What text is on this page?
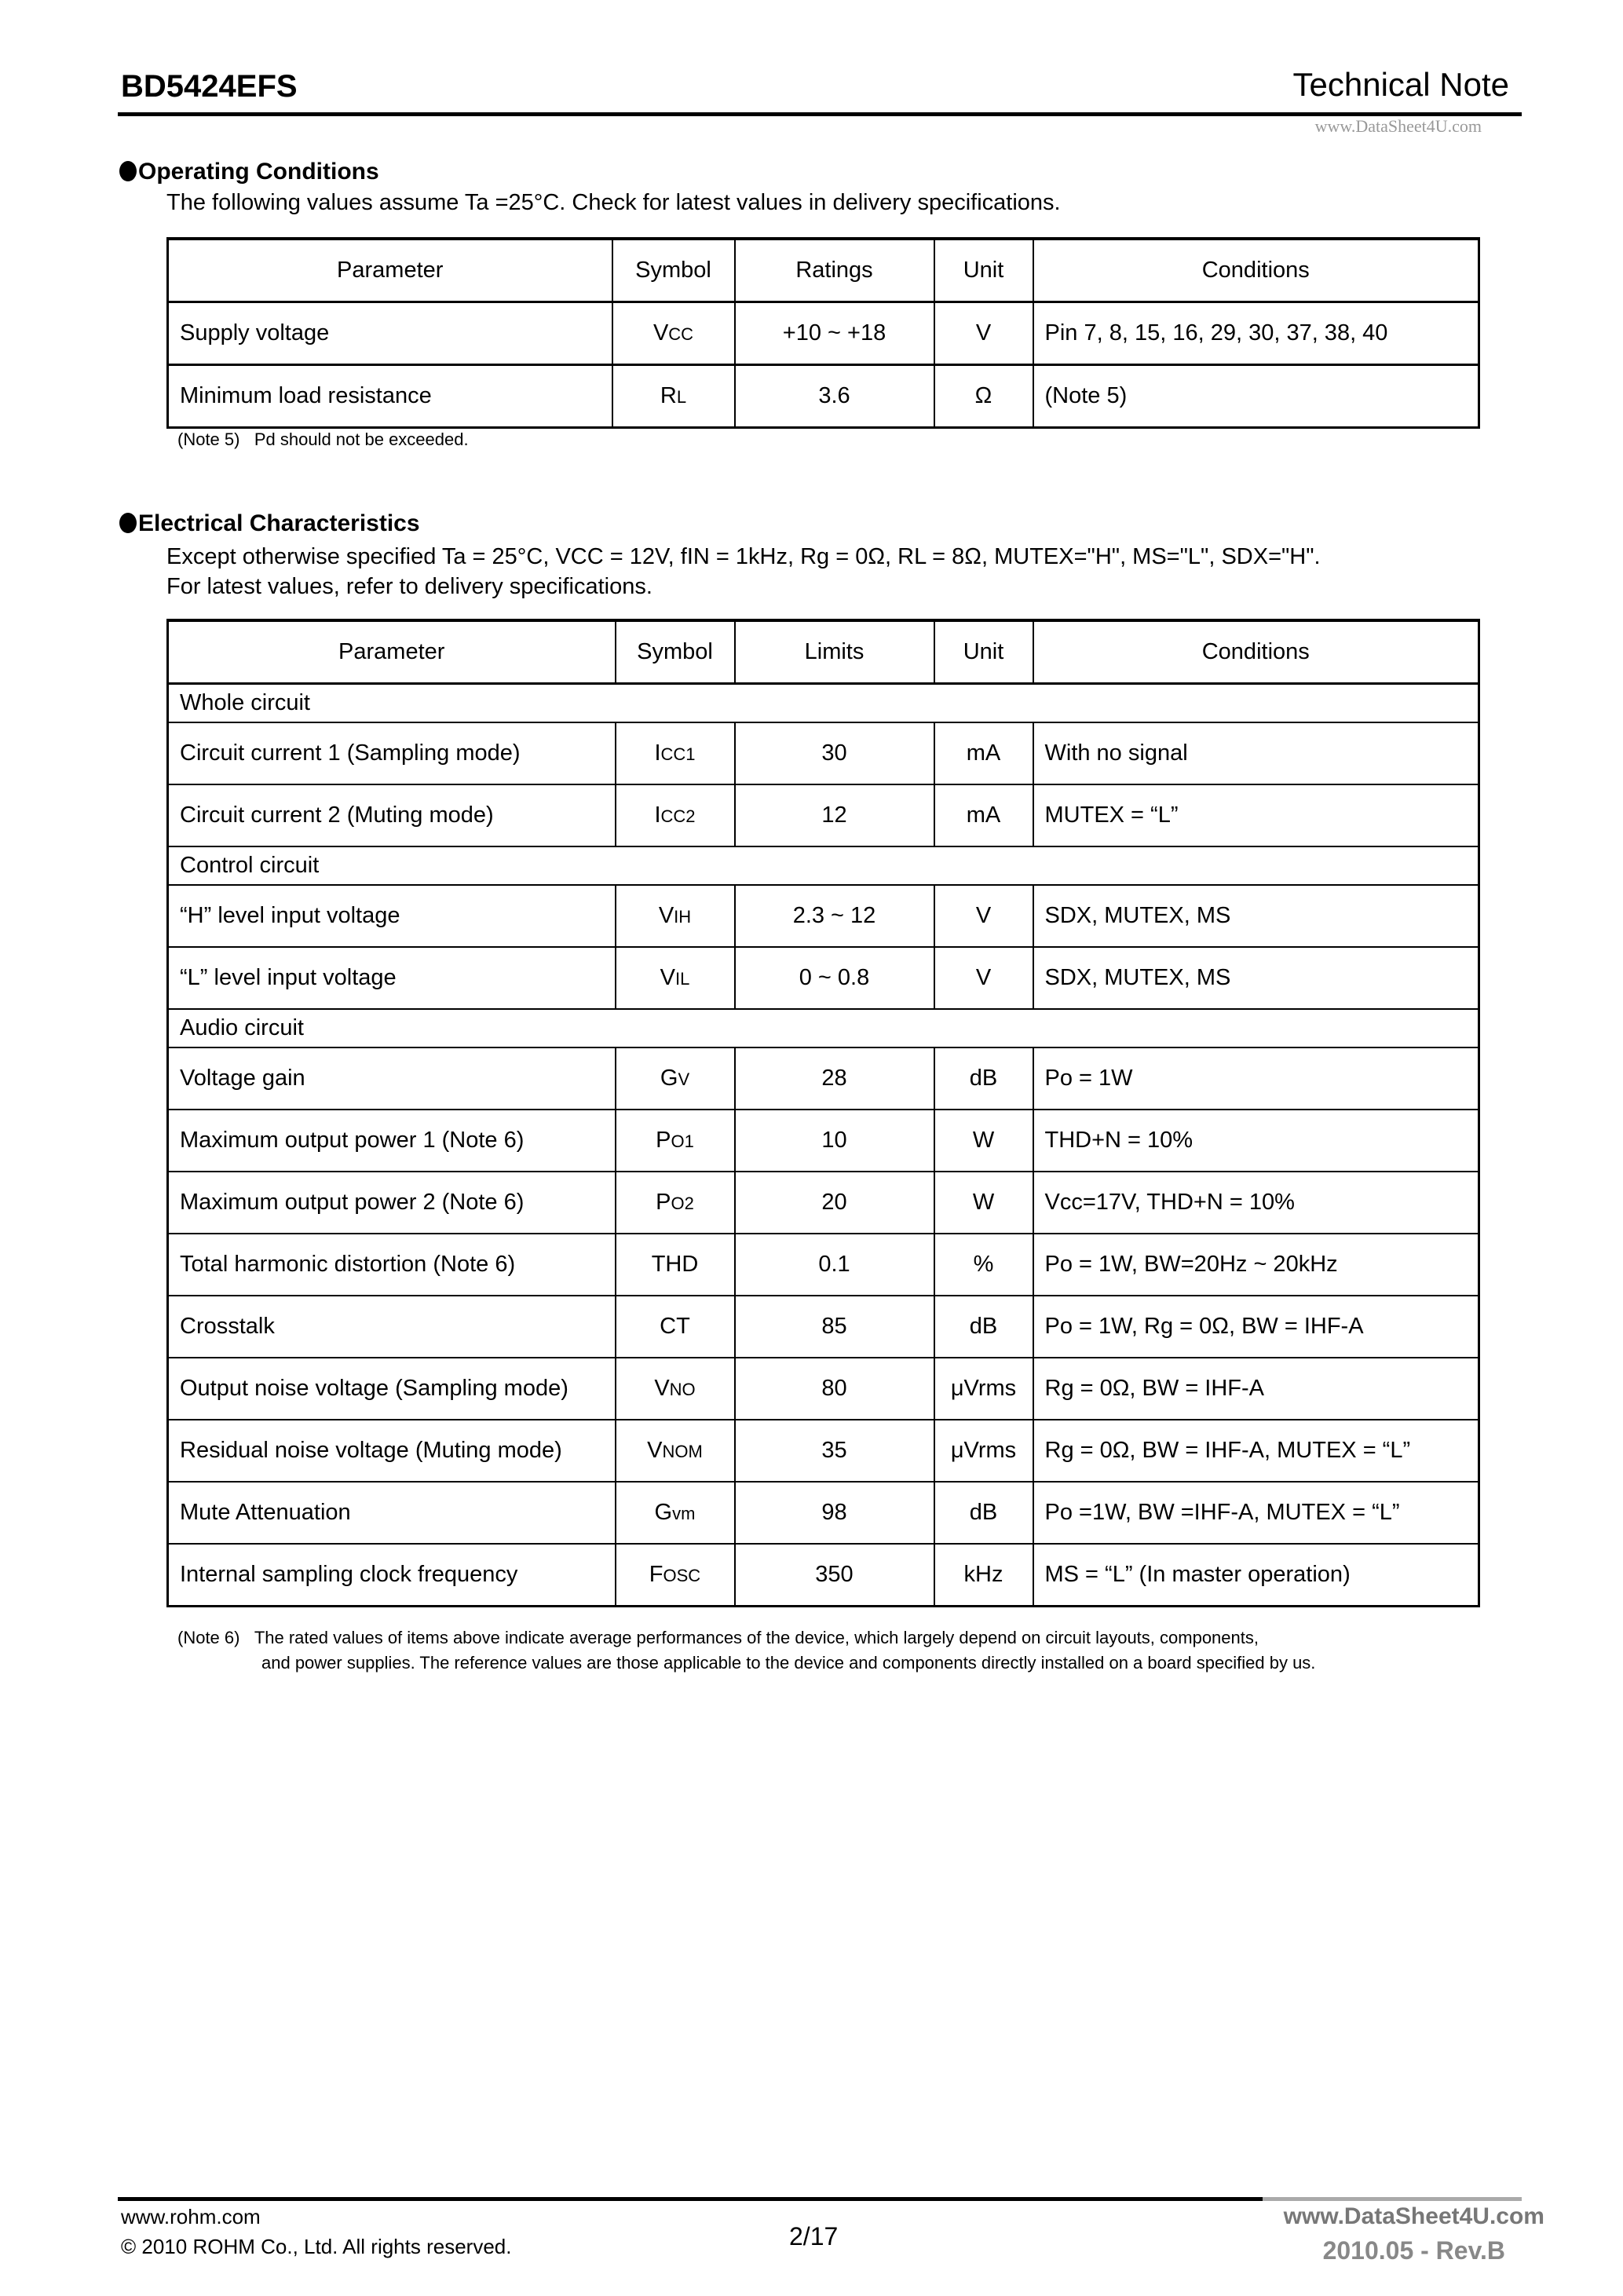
BD5424EFS	Technical Note
www.DataSheet4U.com
Operating Conditions
The following values assume Ta =25°C. Check for latest values in delivery specifications.
Parameter	Symbol	Ratings	Unit	Conditions
Supply voltage	VCC	+10 ~ +18	V	Pin 7, 8, 15, 16, 29, 30, 37, 38, 40
Minimum load resistance	RL	3.6	Ω	(Note 5)
(Note 5) Pd should not be exceeded.
Electrical Characteristics
Except otherwise specified Ta = 25°C, VCC = 12V, fIN = 1kHz, Rg = 0Ω, RL = 8Ω, MUTEX="H", MS="L", SDX="H".
For latest values, refer to delivery specifications.
Parameter	Symbol	Limits	Unit	Conditions
Whole circuit				
Circuit current 1 (Sampling mode)	ICC1	30	mA	With no signal
Circuit current 2 (Muting mode)	ICC2	12	mA	MUTEX = “L”
Control circuit				
“H” level input voltage	VIH	2.3 ~ 12	V	SDX, MUTEX, MS
“L” level input voltage	VIL	0 ~ 0.8	V	SDX, MUTEX, MS
Audio circuit				
Voltage gain	GV	28	dB	Po = 1W
Maximum output power 1 (Note 6)	PO1	10	W	THD+N = 10%
Maximum output power 2 (Note 6)	PO2	20	W	Vcc=17V, THD+N = 10%
Total harmonic distortion (Note 6)	THD	0.1	%	Po = 1W, BW=20Hz ~ 20kHz
Crosstalk	CT	85	dB	Po = 1W, Rg = 0Ω, BW = IHF-A
Output noise voltage (Sampling mode)	VNO	80	μVrms	Rg = 0Ω, BW = IHF-A
Residual noise voltage (Muting mode)	VNOM	35	μVrms	Rg = 0Ω, BW = IHF-A, MUTEX = “L”
Mute Attenuation	Gvm	98	dB	Po =1W, BW =IHF-A, MUTEX = “L”
Internal sampling clock frequency	FOSC	350	kHz	MS = “L” (In master operation)
(Note 6) The rated values of items above indicate average performances of the device, which largely depend on circuit layouts, components,
and power supplies. The reference values are those applicable to the device and components directly installed on a board specified by us.
www.rohm.com
© 2010 ROHM Co., Ltd. All rights reserved.	2/17
www.DataSheet4U.com
2010.05 - Rev.B
